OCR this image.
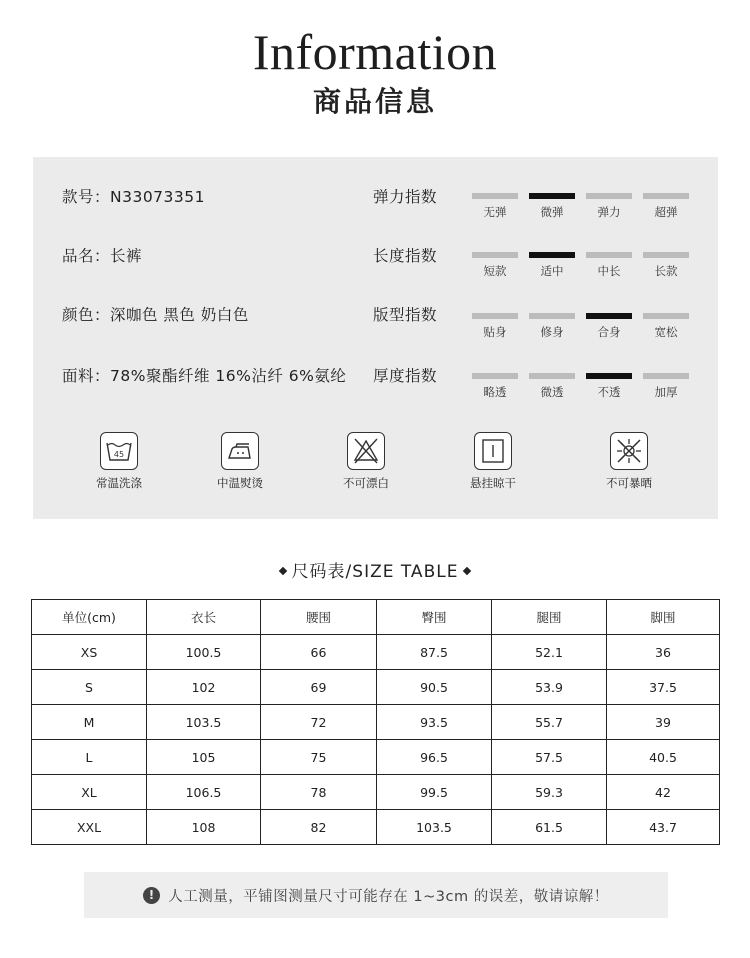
Information
商品信息
款号：N33073351
品名：长裤
颜色：深咖色 黑色 奶白色
面料：78%聚酯纤维 16%沾纤 6%氨纶
弹力指数
无弹	微弹	弹力	超弹
长度指数
短款	适中	中长	长款
版型指数
贴身	修身	合身	宽松
厚度指数
略透	微透	不透	加厚
45
常温洗涤	中温熨烫	不可漂白	悬挂晾干	不可暴晒
尺码表/SIZE TABLE
单位(cm)	衣长	腰围	臀围	腿围	脚围
XS	100.5	66	87.5	52.1	36
S	102	69	90.5	53.9	37.5
M	103.5	72	93.5	55.7	39
L	105	75	96.5	57.5	40.5
XL	106.5	78	99.5	59.3	42
XXL	108	82	103.5	61.5	43.7
! 人工测量，平铺图测量尺寸可能存在 1~3cm 的误差，敬请谅解！
